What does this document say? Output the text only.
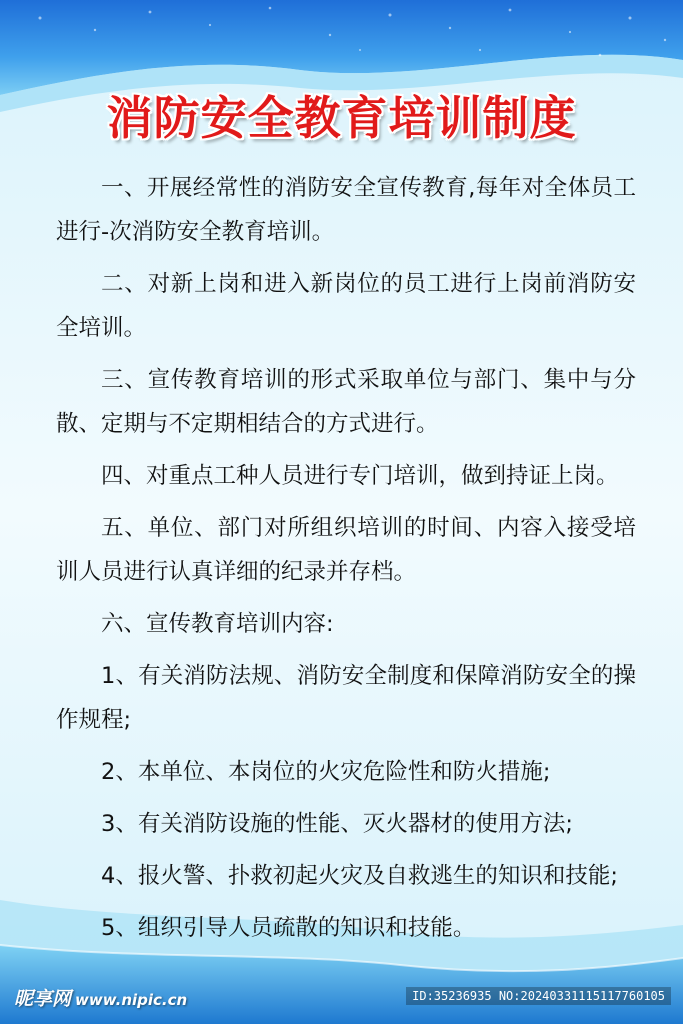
消防安全教育培训制度

一、开展经常性的消防安全宣传教育,每年对全体员工进行-次消防安全教育培训。

二、对新上岗和进入新岗位的员工进行上岗前消防安全培训。

三、宣传教育培训的形式采取单位与部门、集中与分散、定期与不定期相结合的方式进行。

四、对重点工种人员进行专门培训，做到持证上岗。

五、单位、部门对所组织培训的时间、内容入接受培训人员进行认真详细的纪录并存档。

六、宣传教育培训内容:

1、有关消防法规、消防安全制度和保障消防安全的操作规程;

2、本单位、本岗位的火灾危险性和防火措施;

3、有关消防设施的性能、灭火器材的使用方法;

4、报火警、扑救初起火灾及自救逃生的知识和技能;

5、组织引导人员疏散的知识和技能。

昵享网 www.nipic.cn	ID:35236935 NO:20240331115117760105
